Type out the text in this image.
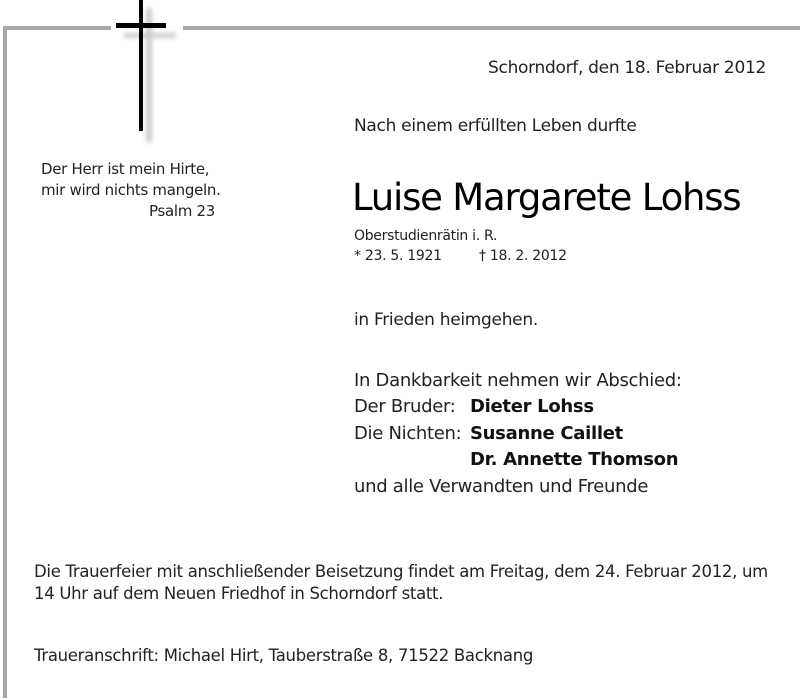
Schorndorf, den 18. Februar 2012
Der Herr ist mein Hirte,
mir wird nichts mangeln.
Psalm 23
Nach einem erfüllten Leben durfte
Luise Margarete Lohss
Oberstudienrätin i. R.
* 23. 5. 1921	† 18. 2. 2012
in Frieden heimgehen.
In Dankbarkeit nehmen wir Abschied:
Der Bruder: Dieter Lohss
Die Nichten: Susanne Caillet
Dr. Annette Thomson
und alle Verwandten und Freunde
Die Trauerfeier mit anschließender Beisetzung findet am Freitag, dem 24. Februar 2012, um
14 Uhr auf dem Neuen Friedhof in Schorndorf statt.
Traueranschrift: Michael Hirt, Tauberstraße 8, 71522 Backnang
